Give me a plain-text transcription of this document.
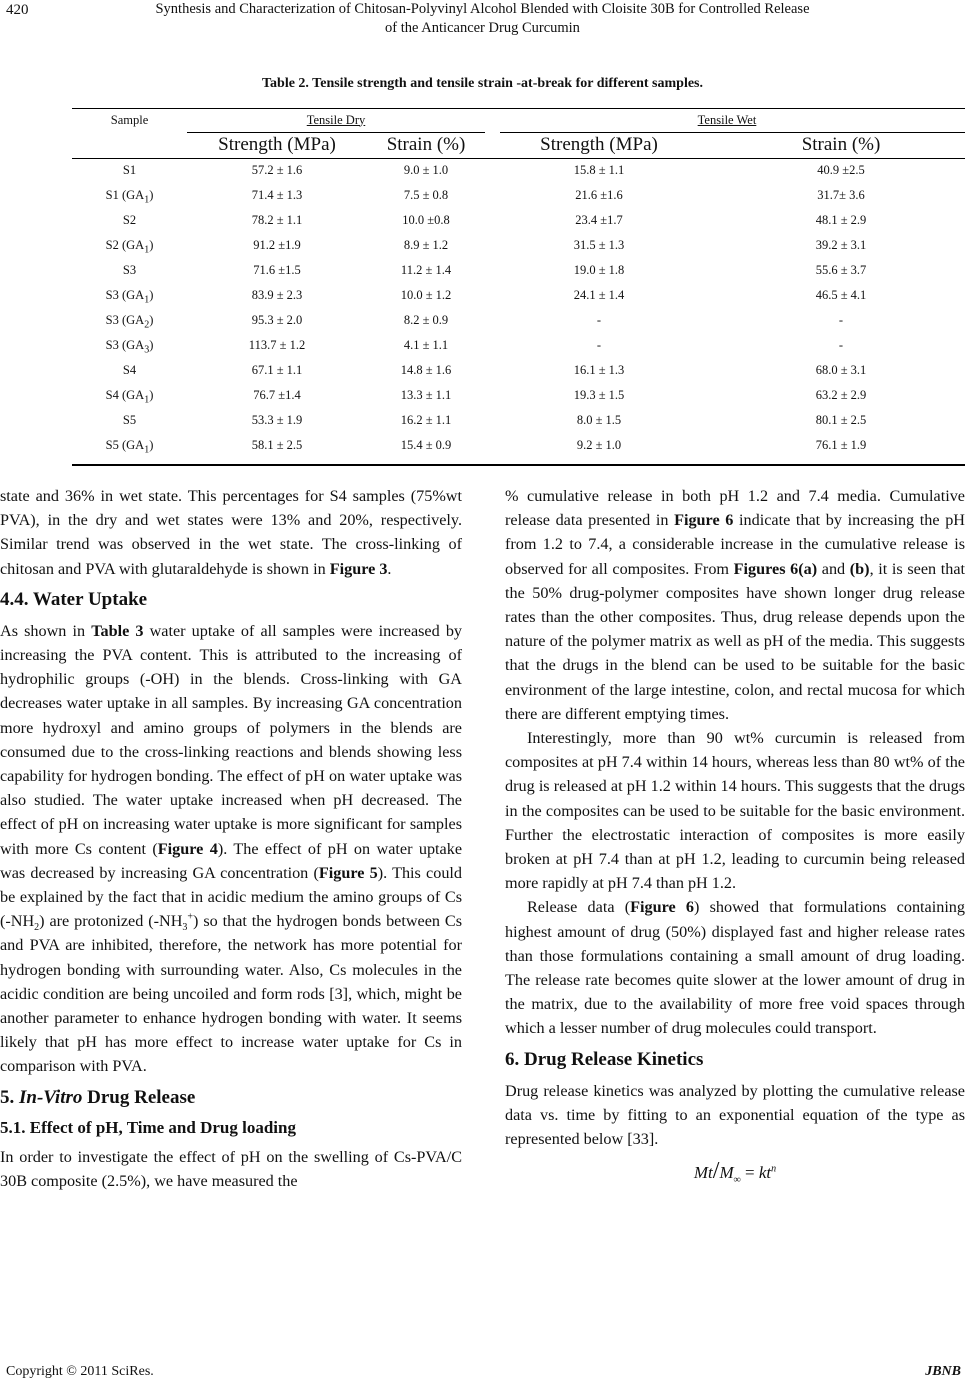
420	Synthesis and Characterization of Chitosan-Polyvinyl Alcohol Blended with Cloisite 30B for Controlled Release
of the Anticancer Drug Curcumin
Table 2. Tensile strength and tensile strain -at-break for different samples.
Sample	Tensile Dry		Tensile Wet	
	Strength (MPa)	Strain (%)	Strength (MPa)	Strain (%)
S1	57.2 ± 1.6	9.0 ± 1.0	15.8 ± 1.1	40.9 ±2.5
S1 $(GA_1)$	71.4 ± 1.3	7.5 ± 0.8	21.6 ±1.6	31.7± 3.6
S2	78.2 ± 1.1	10.0 ±0.8	23.4 ±1.7	48.1 ± 2.9
S2 $(GA_1)$	91.2 ±1.9	8.9 ± 1.2	31.5 ± 1.3	39.2 ± 3.1
S3	71.6 ±1.5	11.2 ± 1.4	19.0 ± 1.8	55.6 ± 3.7
S3 $(GA_1)$	83.9 ± 2.3	10.0 ± 1.2	24.1 ± 1.4	46.5 ± 4.1
S3 $(GA_2)$	95.3 ± 2.0	8.2 ± 0.9	-	-
S3 $(GA_3)$	113.7 ± 1.2	4.1 ± 1.1	-	-
S4	67.1 ± 1.1	14.8 ± 1.6	16.1 ± 1.3	68.0 ± 3.1
S4 $(GA_1)$	76.7 ±1.4	13.3 ± 1.1	19.3 ± 1.5	63.2 ± 2.9
S5	53.3 ± 1.9	16.2 ± 1.1	8.0 ± 1.5	80.1 ± 2.5
S5 $(GA_1)$	58.1 ± 2.5	15.4 ± 0.9	9.2 ± 1.0	76.1 ± 1.9

state and 36% in wet state. This percentages for S4 samples (75%wt PVA), in the dry and wet states were 13% and 20%, respectively. Similar trend was observed in the wet state. The cross-linking of chitosan and PVA with glutaraldehyde is shown in Figure 3.

4.4. Water Uptake

As shown in Table 3 water uptake of all samples were increased by increasing the PVA content. This is attributed to the increasing of hydrophilic groups (-OH) in the blends. Cross-linking with GA decreases water uptake in all samples. By increasing GA concentration more hydroxyl and amino groups of polymers in the blends are consumed due to the cross-linking reactions and blends showing less capability for hydrogen bonding. The effect of pH on water uptake was also studied. The water uptake increased when pH decreased. The effect of pH on increasing water uptake is more significant for samples with more Cs content (Figure 4). The effect of pH on water uptake was decreased by increasing GA concentration (Figure 5). This could be explained by the fact that in acidic medium the amino groups of Cs $(-NH_2)$ are protonized $(-NH_3^+)$ so that the hydrogen bonds between Cs and PVA are inhibited, therefore, the network has more potential for hydrogen bonding with surrounding water. Also, Cs molecules in the acidic condition are being uncoiled and form rods [3], which, might be another parameter to enhance hydrogen bonding with water. It seems likely that pH has more effect to increase water uptake for Cs in comparison with PVA.

5. In-Vitro Drug Release

5.1. Effect of pH, Time and Drug loading

In order to investigate the effect of pH on the swelling of Cs-PVA/C 30B composite (2.5%), we have measured the

% cumulative release in both pH 1.2 and 7.4 media. Cumulative release data presented in Figure 6 indicate that by increasing the pH from 1.2 to 7.4, a considerable increase in the cumulative release is observed for all composites. From Figures 6(a) and (b), it is seen that the 50% drug-polymer composites have shown longer drug release rates than the other composites. Thus, drug release depends upon the nature of the polymer matrix as well as pH of the media. This suggests that the drugs in the blend can be used to be suitable for the basic environment of the large intestine, colon, and rectal mucosa for which there are different emptying times.

Interestingly, more than 90 wt% curcumin is released from composites at pH 7.4 within 14 hours, whereas less than 80 wt% of the drug is released at pH 1.2 within 14 hours. This suggests that the drugs in the composites can be used to be suitable for the basic environment. Further the electrostatic interaction of composites is more easily broken at pH 7.4 than at pH 1.2, leading to curcumin being released more rapidly at pH 7.4 than pH 1.2.

Release data (Figure 6) showed that formulations containing highest amount of drug (50%) displayed fast and higher release rates than those formulations containing a small amount of drug loading. The release rate becomes quite slower at the lower amount of drug in the matrix, due to the availability of more free void spaces through which a lesser number of drug molecules could transport.

6. Drug Release Kinetics

Drug release kinetics was analyzed by plotting the cumulative release data vs. time by fitting to an exponential equation of the type as represented below [33].

$Mt/M_\infty = kt^n$

Copyright © 2011 SciRes.	JBNB
